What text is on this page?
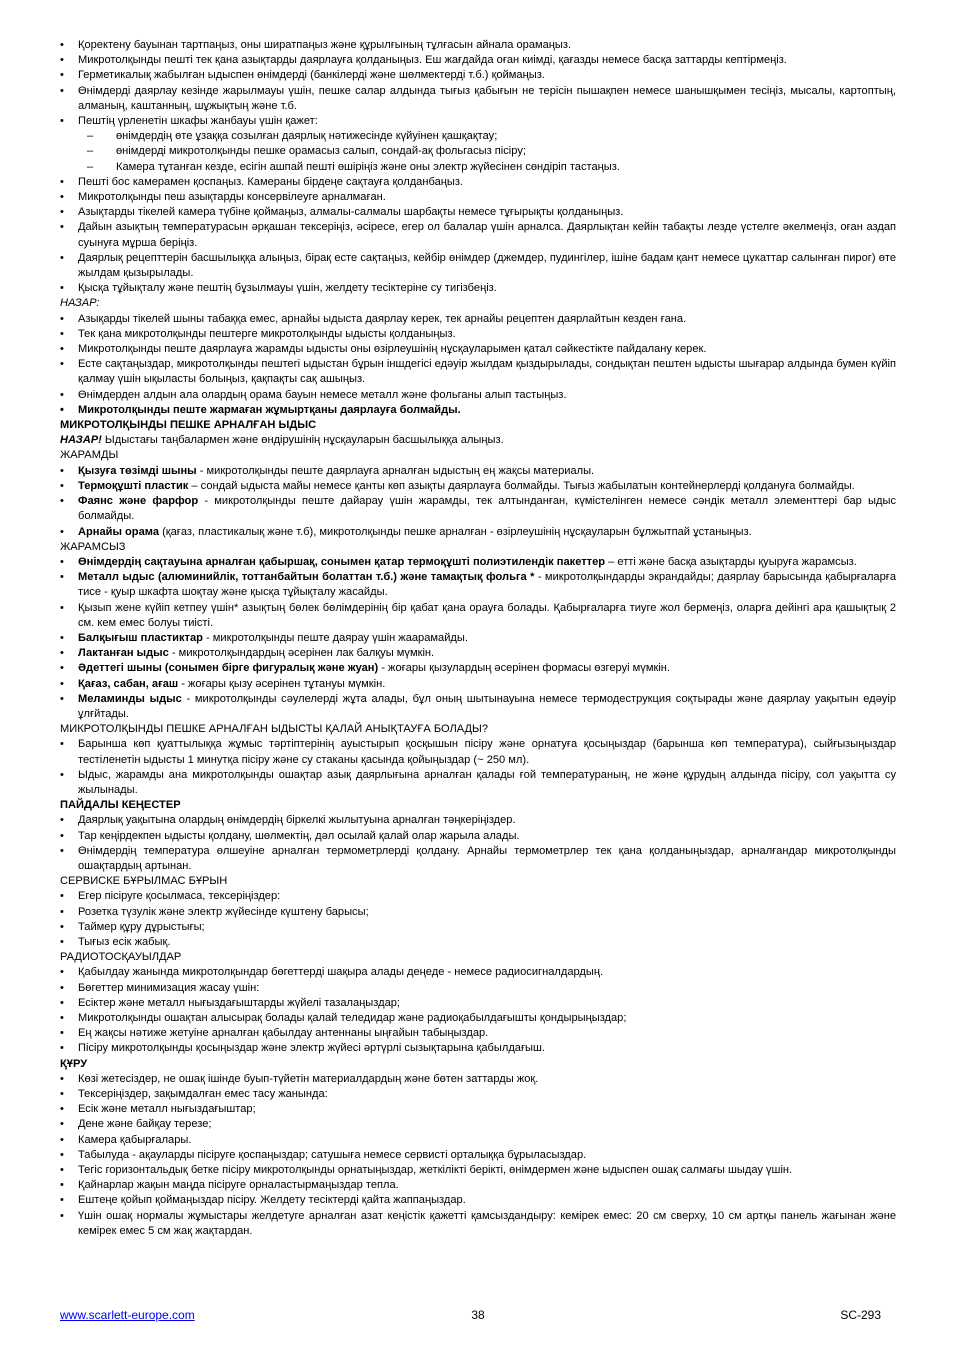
• Қоректену бауынан тартпаңыз, оны ширатпаңыз және құрылғының тұлғасын айнала орамаңыз.
• Микротолқынды пешті тек қана азықтарды даярлауға қолданыңыз. Еш жағдайда оған киімді, қағазды немесе басқа заттарды кептірмеңіз.
• Герметикалық жабылған ыдыспен өнімдерді (банкілерді және шөлмектерді т.б.) қоймаңыз.
• Өнімдерді даярлау кезінде жарылмауы үшін, пешке салар алдында тығыз қабығын не терісін пышақпен немесе шанышқымен тесіңіз, мысалы, картоптың, алманың, каштанның, шұжықтың және т.б.
• Пештің үрленетін шкафы жанбауы үшін қажет:
– өнімдердің өте ұзаққа созылған даярлық нәтижесінде күйуінен қашқақтау;
– өнімдерді микротолқынды пешке орамасыз салып, сондай-ақ фольгасыз пісіру;
– Камера тұтанған кезде, есігін ашпай пешті өшіріңіз және оны электр жүйесінен сөндіріп тастаңыз.
• Пешті бос камерамен қоспаңыз. Камераны бірдеңе сақтауға қолданбаңыз.
• Микротолқынды пеш азықтарды консервілеуге арналмаған.
• Азықтарды тікелей камера түбіне қоймаңыз, алмалы-салмалы шарбақты немесе тұғырықты қолданыңыз.
• Дайын азықтың температурасын әрқашан тексеріңіз, әсіресе, егер ол балалар үшін арналса. Даярлықтан кейін табақты лезде үстелге әкелмеңіз, оған аздап суынуға мұрша беріңіз.
• Даярлық рецепттерін басшылыққа алыңыз, бірақ есте сақтаңыз, кейбір өнімдер (джемдер, пудингілер, ішіне бадам қант немесе цукаттар салынған пирог) өте жылдам қызырылады.
• Қысқа тұйықталу және пештің бұзылмауы үшін, желдету тесіктеріне су тигізбеңіз.
НАЗАР:
• Азықарды тікелей шыны табаққа емес, арнайы ыдыста даярлау керек, тек арнайы рецептен даярлайтын кезден ғана.
• Тек қана микротолқынды пештерге микротолқынды ыдысты қолданыңыз.
• Микротолқынды пеште даярлауға жарамды ыдысты оны өзірлеушінің нұсқауларымен қатал сәйкестікте пайдалану керек.
• Есте сақтаңыздар, микротолқынды пештегі ыдыстан бұрын іншдегісі едәуір жылдам қыздырылады, сондықтан пештен ыдысты шығарар алдында бумен күйіп қалмау үшін ықыласты болыңыз, қақпақты сақ ашыңыз.
• Өнімдерден алдын ала олардың орама бауын немесе металл және фольганы алып тастыңыз.
• Микротолқынды пеште жармаған жұмыртқаны даярлауға болмайды.
МИКРОТОЛҚЫНДЫ ПЕШКЕ АРНАЛҒАН ЫДЫС
НАЗАР! Ыдыстағы таңбалармен және өндірушінің нұсқауларын басшылыққа алыңыз.
ЖАРАМДЫ
• Қызуға төзімді шыны - микротолқынды пеште даярлауға арналған ыдыстың ең жақсы материалы.
• Термоқұшті пластик – сондай ыдыста майы немесе қанты көп азықты даярлауға болмайды. Тығыз жабылатын контейнерлерді қолдануға болмайды.
• Фаянс және фарфор - микротолқынды пеште дайарау үшін жарамды, тек алтынданған, күмістелінген немесе сәндік металл элементтері бар ыдыс болмайды.
• Арнайы орама (қағаз, пластикалық және т.б), микротолқынды пешке арналған - өзірлеушінің нұсқауларын бұлжытпай ұстаныңыз.
ЖАРАМСЫЗ
• Өнімдердің сақтауына арналған қабыршақ, сонымен қатар термоқұшті полиэтилендік пакеттер – етті және басқа азықтарды қуыруға жарамсыз.
• Металл ыдыс (алюминийлік, тоттанбайтын болаттан т.б.) және тамақтық фольга * - микротолқындарды экрандайды; даярлау барысында қабырғаларға тисе - қуыр шкафта шоқтау және қысқа тұйықталу жасайды.
• Қызып жене күйіп кетпеу үшін* азықтың бөлек бөлімдерінің бір қабат қана орауға болады. Қабырғаларға тиуге жол бермеңіз, оларға дейінгі ара қашықтық 2 см. кем емес болуы тиісті.
• Балқығыш пластиктар - микротолқынды пеште даярау үшін жаарамайды.
• Лактанған ыдыс - микротолқындардың әсерінен лак балқуы мүмкін.
• Әдеттегі шыны (сонымен бірге фигуралық және жуан) - жоғары қызулардың әсерінен формасы өзгеруі мүмкін.
• Қағаз, сабан, ағаш - жоғары қызу әсерінен тұтануы мүмкін.
• Меламинды ыдыс - микротолқынды сәулелерді жұта алады, бұл оның шытынауына немесе термодеструкция соқтырады және даярлау уақытын едәуір ұлғйтады.
МИКРОТОЛҚЫНДЫ ПЕШКЕ АРНАЛҒАН ЫДЫСТЫ ҚАЛАЙ АНЫҚТАУҒА БОЛАДЫ?
• Барынша көп қуаттылыққа жұмыс тәртіптерінің ауыстырып қосқышын пісіру және орнатуға қосыңыздар (барынша көп температура), сыйғызыңыздар тестіленетін ыдысты 1 минутқа пісіру және су стаканы қасында қойыңыздар (~ 250 мл).
• Ыдыс, жарамды ана микротолқынды ошақтар азық даярлығына арналған қалады ғой температураның, не және құрудың алдында пісіру, сол уақытта су жылынады.
ПАЙДАЛЫ КЕҢЕСТЕР
• Даярлық уақытына олардың өнімдердің біркелкі жылытуына арналған тәңкеріңіздер.
• Тар кеңірдекпен ыдысты қолдану, шөлмектің, дәл осылай қалай олар жарыла алады.
• Өнімдердің температура өлшеуіне арналған термометрлерді қолдану. Арнайы термометрлер тек қана қолданыңыздар, арналғандар микротолқынды ошақтардың артынан.
СЕРВИСКЕ БҰРЫЛМАС БҰРЫН
• Егер пісіруге қосылмаса, тексеріңіздер:
• Розетка түзулік және электр жүйесінде күштену барысы;
• Таймер құру дұрыстығы;
• Тығыз есік жабық.
РАДИОТОСҚАУЫЛДАР
• Қабылдау жанында микротолқындар бөгеттерді шақыра алады деңеде - немесе радиосигналдардың.
• Бөгеттер минимизация жасау үшін:
• Есіктер және металл нығыздағыштарды жүйелі тазалаңыздар;
• Микротолқынды ошақтан алысырақ болады қалай теледидар және радиоқабылдағышты қондырыңыздар;
• Ең жақсы нәтиже жетуіне арналған қабылдау антеннаны ыңғайын табыңыздар.
• Пісіру микротолқынды қосыңыздар және электр жүйесі әртүрлі сызықтарына қабылдағыш.
ҚҰРУ
• Көзі жетесіздер, не ошақ ішінде буып-түйетін материалдардың және бөтен заттарды жоқ.
• Тексеріңіздер, зақымдалған емес тасу жанында:
• Есік және металл нығыздағыштар;
• Дене және байқау терезе;
• Камера қабырғалары.
• Табылуда - ақауларды пісіруге қоспаңыздар; сатушыға немесе сервисті орталыққа бұрыласыздар.
• Тегіс горизонтальдық бетке пісіру микротолқынды орнатыңыздар, жеткілікті берікті, өнімдермен және ыдыспен ошақ салмағы шыдау үшін.
• Қайнарлар жақын маңда пісіруге орналастырмаңыздар теплa.
• Ештеңе қойып қоймаңыздар пісіру. Желдету тесіктерді қайта жаппаңыздар.
• Үшін ошақ нормалы жұмыстары желдетуге арналған азат кеңістік қажетті қамсыздандыру: кемірек емес: 20 см сверху, 10 см артқы панель жағынан және кемірек емес 5 см жақ жақтардан.
38
www.scarlett-europe.com	SC-293
